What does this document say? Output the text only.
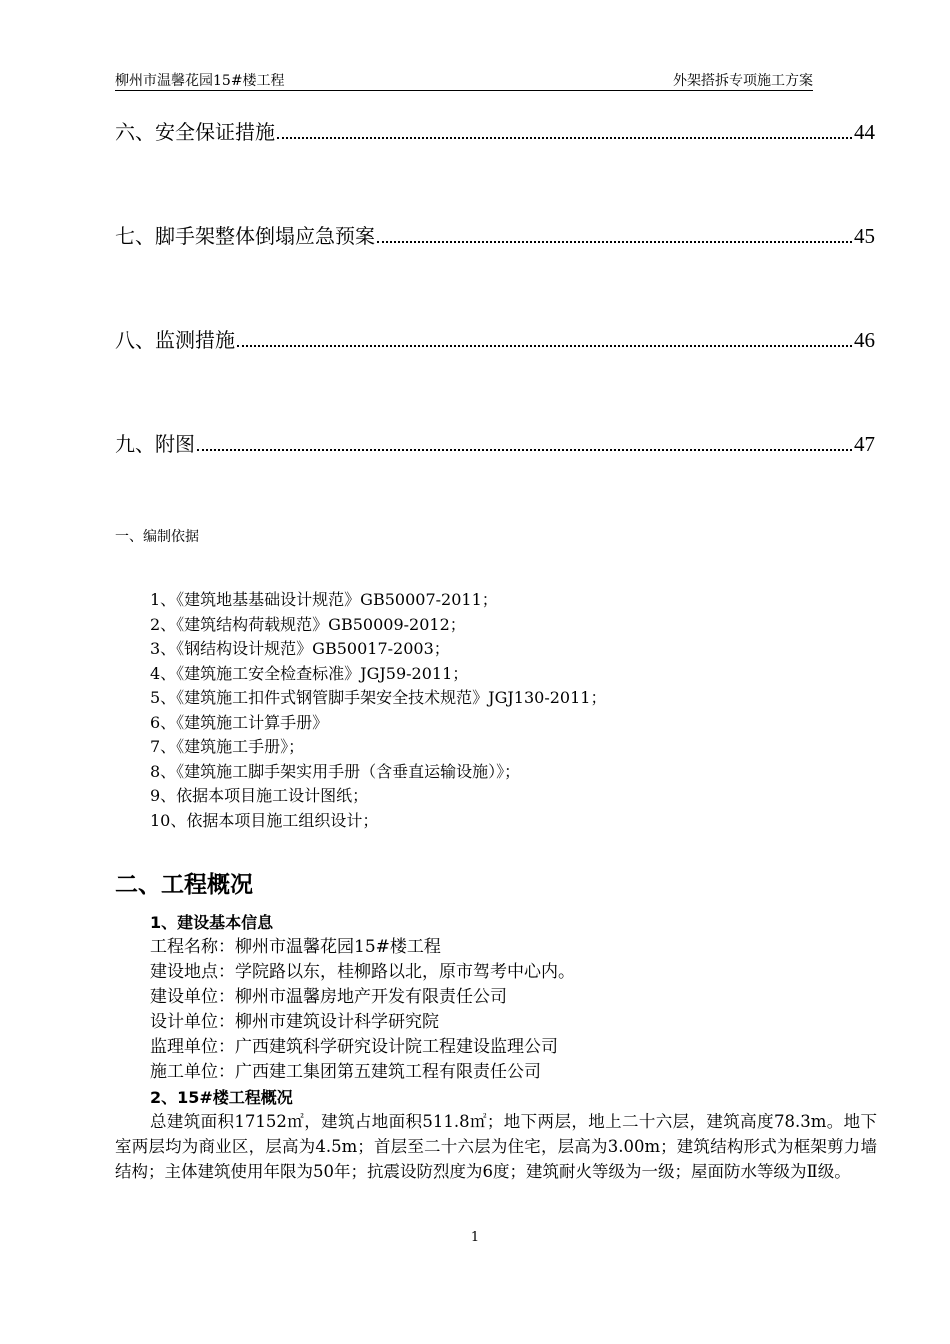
柳州市温馨花园15#楼工程	外架搭拆专项施工方案
六、安全保证措施	44
七、脚手架整体倒塌应急预案	45
八、监测措施	46
九、附图	47
一、编制依据
1、《建筑地基基础设计规范》GB50007-2011；
2、《建筑结构荷载规范》GB50009-2012；
3、《钢结构设计规范》GB50017-2003；
4、《建筑施工安全检查标准》JGJ59-2011；
5、《建筑施工扣件式钢管脚手架安全技术规范》JGJ130-2011；
6、《建筑施工计算手册》
7、《建筑施工手册》；
8、《建筑施工脚手架实用手册（含垂直运输设施）》；
9、依据本项目施工设计图纸；
10、依据本项目施工组织设计；
二、工程概况
1、建设基本信息
工程名称：柳州市温馨花园15#楼工程
建设地点：学院路以东，桂柳路以北，原市驾考中心内。
建设单位：柳州市温馨房地产开发有限责任公司
设计单位：柳州市建筑设计科学研究院
监理单位：广西建筑科学研究设计院工程建设监理公司
施工单位：广西建工集团第五建筑工程有限责任公司
2、15#楼工程概况
总建筑面积17152㎡，建筑占地面积511.8㎡；地下两层，地上二十六层，建筑高度78.3m。地下室两层均为商业区，层高为4.5m；首层至二十六层为住宅，层高为3.00m；建筑结构形式为框架剪力墙结构；主体建筑使用年限为50年；抗震设防烈度为6度；建筑耐火等级为一级；屋面防水等级为Ⅱ级。
1
